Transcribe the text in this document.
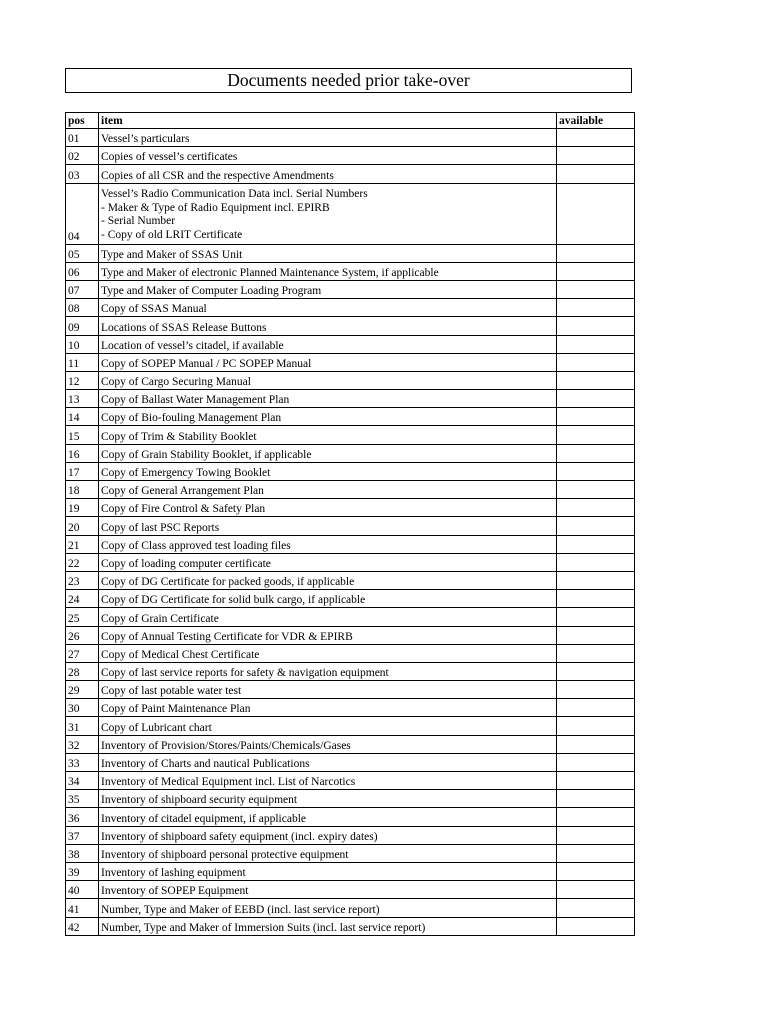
Documents needed prior take-over
pos	item	available
01	Vessel’s particulars	
02	Copies of vessel’s certificates	
03	Copies of all CSR and the respective Amendments	
04	Vessel’s Radio Communication Data incl. Serial Numbers
- Maker & Type of Radio Equipment incl. EPIRB
- Serial Number
- Copy of old LRIT Certificate	

05	Type and Maker of SSAS Unit	
06	Type and Maker of electronic Planned Maintenance System, if applicable	
07	Type and Maker of Computer Loading Program	
08	Copy of SSAS Manual	
09	Locations of SSAS Release Buttons	
10	Location of vessel’s citadel, if available	
11	Copy of SOPEP Manual / PC SOPEP Manual	
12	Copy of Cargo Securing Manual	
13	Copy of Ballast Water Management Plan	
14	Copy of Bio-fouling Management Plan	
15	Copy of Trim & Stability Booklet	
16	Copy of Grain Stability Booklet, if applicable	
17	Copy of Emergency Towing Booklet	
18	Copy of General Arrangement Plan	
19	Copy of Fire Control & Safety Plan	
20	Copy of last PSC Reports	
21	Copy of Class approved test loading files	
22	Copy of loading computer certificate	
23	Copy of DG Certificate for packed goods, if applicable	
24	Copy of DG Certificate for solid bulk cargo, if applicable	
25	Copy of Grain Certificate	
26	Copy of Annual Testing Certificate for VDR & EPIRB	
27	Copy of Medical Chest Certificate	
28	Copy of last service reports for safety & navigation equipment	
29	Copy of last potable water test	
30	Copy of Paint Maintenance Plan	
31	Copy of Lubricant chart	
32	Inventory of Provision/Stores/Paints/Chemicals/Gases	
33	Inventory of Charts and nautical Publications	
34	Inventory of Medical Equipment incl. List of Narcotics	
35	Inventory of shipboard security equipment	
36	Inventory of citadel equipment, if applicable	
37	Inventory of shipboard safety equipment (incl. expiry dates)	
38	Inventory of shipboard personal protective equipment	
39	Inventory of lashing equipment	
40	Inventory of SOPEP Equipment	
41	Number, Type and Maker of EEBD (incl. last service report)	
42	Number, Type and Maker of Immersion Suits (incl. last service report)	
